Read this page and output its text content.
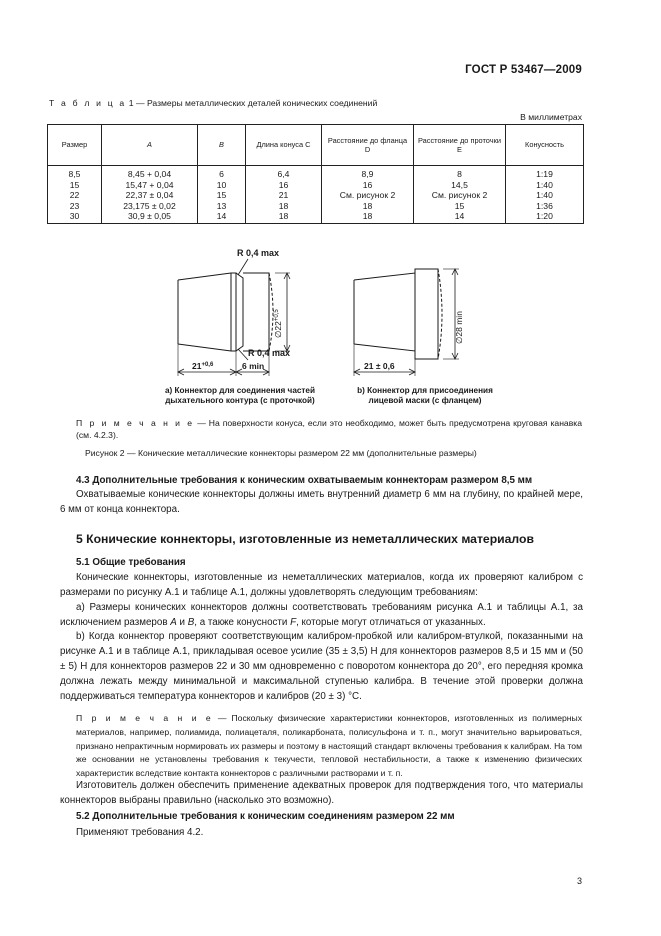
ГОСТ Р 53467—2009
Т а б л и ц а 1 — Размеры металлических деталей конических соединений
В миллиметрах
Размер	A	B	Длина конуса C	Расстояние до фланца D	Расстояние до проточки E	Конусность
8,5	8,45 + 0,04	6	6,4	8,9	8	1:19
15	15,47 + 0,04	10	16	16	14,5	1:40
22	22,37 ± 0,04	15	21	См. рисунок 2	См. рисунок 2	1:40
23	23,175 ± 0,02	13	18	18	15	1:36
30	30,9 ± 0,05	14	18	18	14	1:20
R 0,4 max
R 0,4 max
$\emptyset 22^{+0,5}$
$21^{+0,6}$	6 min
∅28 min
21 ± 0,6
а) Коннектор для соединения частей
дыхательного контура (с проточкой)
b) Коннектор для присоединения
лицевой маски (с фланцем)
П р и м е ч а н и е — На поверхности конуса, если это необходимо, может быть предусмотрена круговая канавка (см. 4.2.3).
Рисунок 2 — Конические металлические коннекторы размером 22 мм (дополнительные размеры)
4.3 Дополнительные требования к коническим охватываемым коннекторам размером 8,5 мм
Охватываемые конические коннекторы должны иметь внутренний диаметр 6 мм на глубину, по крайней мере, 6 мм от конца коннектора.
5 Конические коннекторы, изготовленные из неметаллических материалов
5.1 Общие требования
Конические коннекторы, изготовленные из неметаллических материалов, когда их проверяют калибром с размерами по рисунку А.1 и таблице А.1, должны удовлетворять следующим требованиям:
а) Размеры конических коннекторов должны соответствовать требованиям рисунка А.1 и таблицы А.1, за исключением размеров A и B, а также конусности F, которые могут отличаться от указанных.
b) Когда коннектор проверяют соответствующим калибром-пробкой или калибром-втулкой, показанными на рисунке А.1 и в таблице А.1, прикладывая осевое усилие (35 ± 3,5) Н для коннекторов размеров 8,5 и 15 мм и (50 ± 5) Н для коннекторов размеров 22 и 30 мм одновременно с поворотом коннектора до 20°, его передняя кромка должна лежать между минимальной и максимальной ступенью калибра. В течение этой проверки должна поддерживаться температура коннекторов и калибров (20 ± 3) °С.
П р и м е ч а н и е — Поскольку физические характеристики коннекторов, изготовленных из полимерных материалов, например, полиамида, полиацеталя, поликарбоната, полисульфона и т. п., могут значительно варьироваться, признано непрактичным нормировать их размеры и поэтому в настоящий стандарт включены требования к калибрам. На том же основании не установлены требования к текучести, тепловой нестабильности, а также к изменению физических характеристик вследствие контакта коннекторов с различными растворами и т. п.
Изготовитель должен обеспечить применение адекватных проверок для подтверждения того, что материалы коннекторов выбраны правильно (насколько это возможно).
5.2 Дополнительные требования к коническим соединениям размером 22 мм
Применяют требования 4.2.
3
